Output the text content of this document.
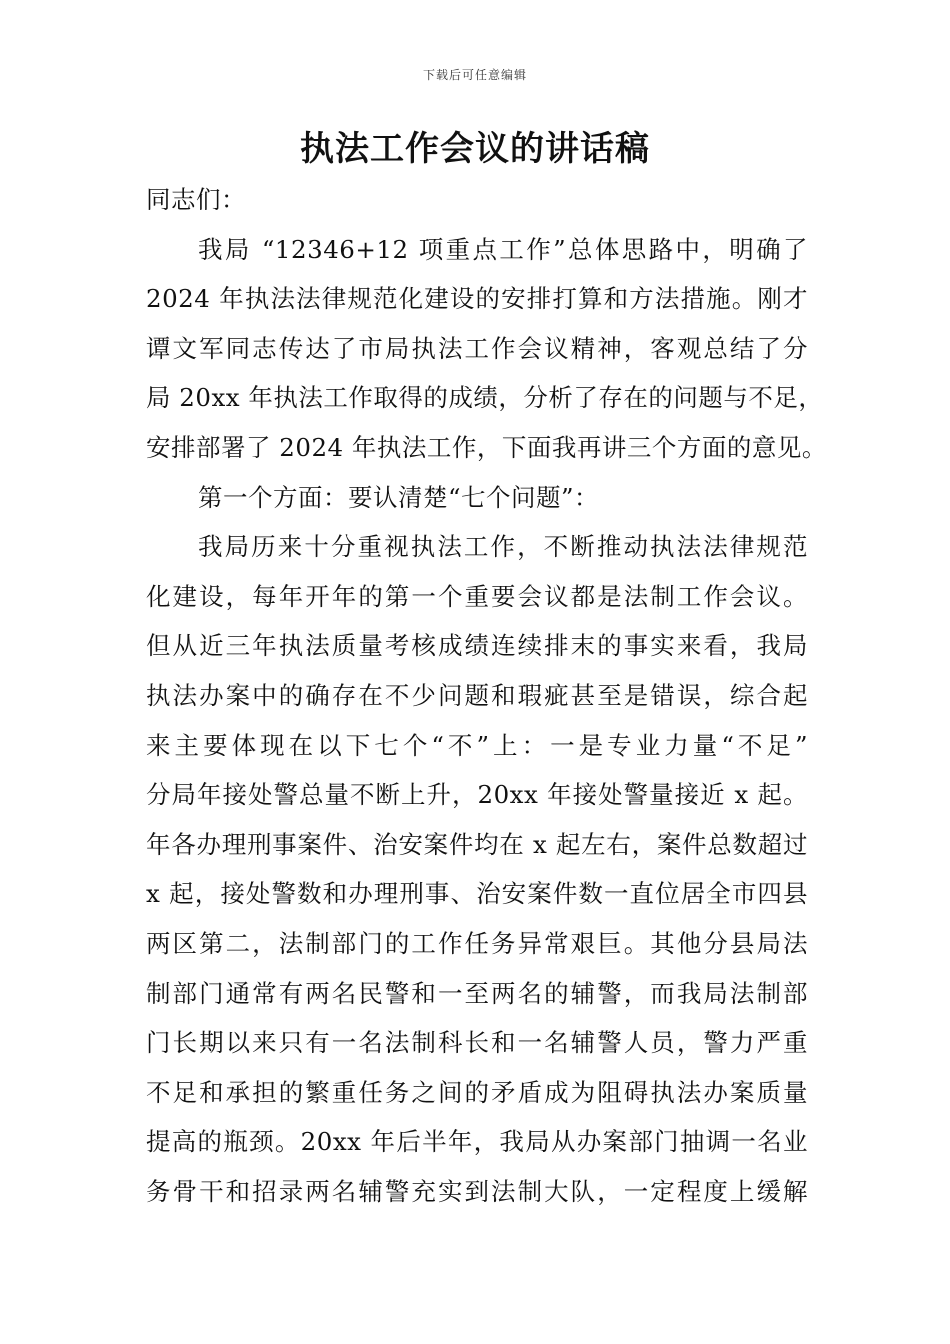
下载后可任意编辑
执法工作会议的讲话稿
同志们：
我局 “12346+12 项重点工作”总体思路中，明确了
2024 年执法法律规范化建设的安排打算和方法措施。刚才
谭文军同志传达了市局执法工作会议精神，客观总结了分
局 20xx 年执法工作取得的成绩，分析了存在的问题与不足，
安排部署了 2024 年执法工作，下面我再讲三个方面的意见。
第一个方面：要认清楚“七个问题”：
我局历来十分重视执法工作，不断推动执法法律规范
化建设，每年开年的第一个重要会议都是法制工作会议。
但从近三年执法质量考核成绩连续排末的事实来看，我局
执法办案中的确存在不少问题和瑕疵甚至是错误，综合起
来主要体现在以下七个“不”上：一是专业力量“不足”
分局年接处警总量不断上升，20xx 年接处警量接近 x 起。
年各办理刑事案件、治安案件均在 x 起左右，案件总数超过
x 起，接处警数和办理刑事、治安案件数一直位居全市四县
两区第二，法制部门的工作任务异常艰巨。其他分县局法
制部门通常有两名民警和一至两名的辅警，而我局法制部
门长期以来只有一名法制科长和一名辅警人员，警力严重
不足和承担的繁重任务之间的矛盾成为阻碍执法办案质量
提高的瓶颈。20xx 年后半年，我局从办案部门抽调一名业
务骨干和招录两名辅警充实到法制大队，一定程度上缓解
